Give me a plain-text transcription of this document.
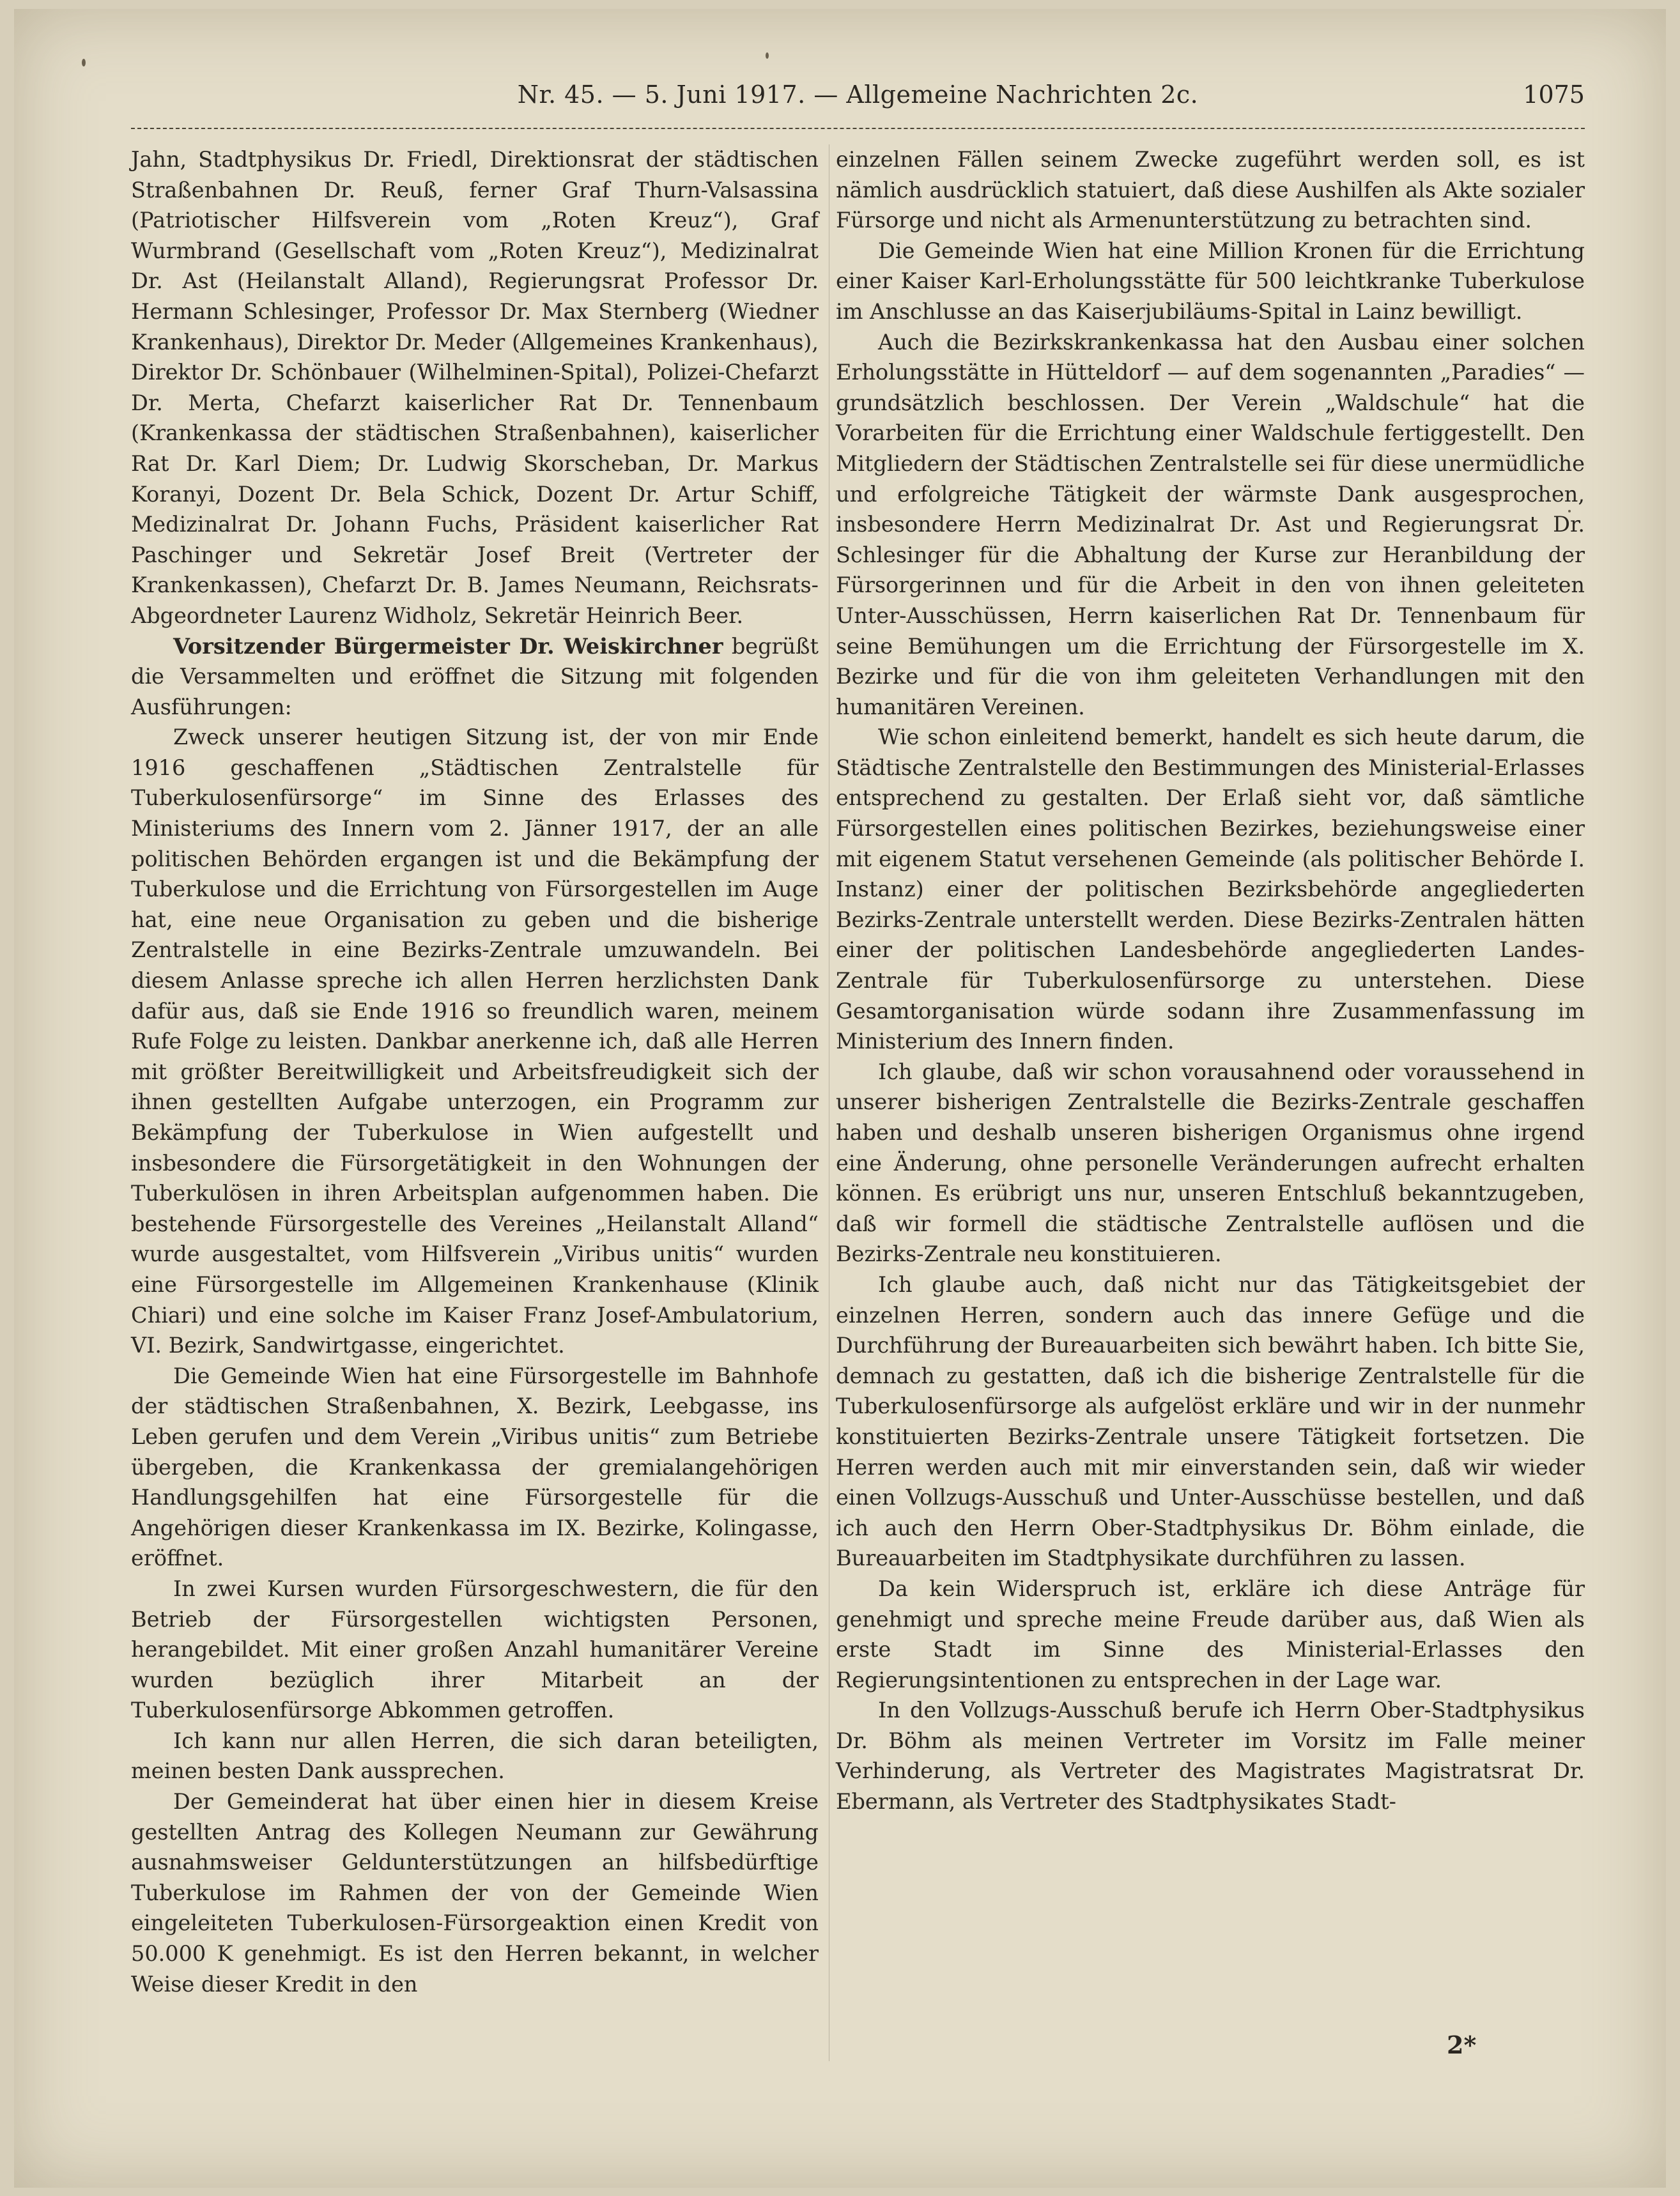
Nr. 45. — 5. Juni 1917. — Allgemeine Nachrichten 2c.	1075

Jahn, Stadtphysikus Dr. Friedl, Direktionsrat der städtischen Straßenbahnen Dr. Reuß, ferner Graf Thurn-Valsassina (Patriotischer Hilfsverein vom „Roten Kreuz“), Graf Wurmbrand (Gesellschaft vom „Roten Kreuz“), Medizinalrat Dr. Ast (Heilanstalt Alland), Regierungsrat Professor Dr. Hermann Schlesinger, Professor Dr. Max Sternberg (Wiedner Krankenhaus), Direktor Dr. Meder (Allgemeines Krankenhaus), Direktor Dr. Schönbauer (Wilhelminen-Spital), Polizei-Chefarzt Dr. Merta, Chefarzt kaiserlicher Rat Dr. Tennenbaum (Krankenkassa der städtischen Straßenbahnen), kaiserlicher Rat Dr. Karl Diem; Dr. Ludwig Skorscheban, Dr. Markus Koranyi, Dozent Dr. Bela Schick, Dozent Dr. Artur Schiff, Medizinalrat Dr. Johann Fuchs, Präsident kaiserlicher Rat Paschinger und Sekretär Josef Breit (Vertreter der Krankenkassen), Chefarzt Dr. B. James Neumann, Reichsrats-Abgeordneter Laurenz Widholz, Sekretär Heinrich Beer.

Vorsitzender Bürgermeister Dr. Weiskirchner begrüßt die Versammelten und eröffnet die Sitzung mit folgenden Ausführungen:

Zweck unserer heutigen Sitzung ist, der von mir Ende 1916 geschaffenen „Städtischen Zentralstelle für Tuberkulosenfürsorge“ im Sinne des Erlasses des Ministeriums des Innern vom 2. Jänner 1917, der an alle politischen Behörden ergangen ist und die Bekämpfung der Tuberkulose und die Errichtung von Fürsorgestellen im Auge hat, eine neue Organisation zu geben und die bisherige Zentralstelle in eine Bezirks-Zentrale umzuwandeln. Bei diesem Anlasse spreche ich allen Herren herzlichsten Dank dafür aus, daß sie Ende 1916 so freundlich waren, meinem Rufe Folge zu leisten. Dankbar anerkenne ich, daß alle Herren mit größter Bereitwilligkeit und Arbeitsfreudigkeit sich der ihnen gestellten Aufgabe unterzogen, ein Programm zur Bekämpfung der Tuberkulose in Wien aufgestellt und insbesondere die Fürsorgetätigkeit in den Wohnungen der Tuberkulösen in ihren Arbeitsplan aufgenommen haben. Die bestehende Fürsorgestelle des Vereines „Heilanstalt Alland“ wurde ausgestaltet, vom Hilfsverein „Viribus unitis“ wurden eine Fürsorgestelle im Allgemeinen Krankenhause (Klinik Chiari) und eine solche im Kaiser Franz Josef-Ambulatorium, VI. Bezirk, Sandwirtgasse, eingerichtet.

Die Gemeinde Wien hat eine Fürsorgestelle im Bahnhofe der städtischen Straßenbahnen, X. Bezirk, Leebgasse, ins Leben gerufen und dem Verein „Viribus unitis“ zum Betriebe übergeben, die Krankenkassa der gremialangehörigen Handlungsgehilfen hat eine Fürsorgestelle für die Angehörigen dieser Krankenkassa im IX. Bezirke, Kolingasse, eröffnet.

In zwei Kursen wurden Fürsorgeschwestern, die für den Betrieb der Fürsorgestellen wichtigsten Personen, herangebildet. Mit einer großen Anzahl humanitärer Vereine wurden bezüglich ihrer Mitarbeit an der Tuberkulosenfürsorge Abkommen getroffen.

Ich kann nur allen Herren, die sich daran beteiligten, meinen besten Dank aussprechen.

Der Gemeinderat hat über einen hier in diesem Kreise gestellten Antrag des Kollegen Neumann zur Gewährung ausnahmsweiser Geldunterstützungen an hilfsbedürftige Tuberkulose im Rahmen der von der Gemeinde Wien eingeleiteten Tuberkulosen-Fürsorgeaktion einen Kredit von 50.000 K genehmigt. Es ist den Herren bekannt, in welcher Weise dieser Kredit in den

einzelnen Fällen seinem Zwecke zugeführt werden soll, es ist nämlich ausdrücklich statuiert, daß diese Aushilfen als Akte sozialer Fürsorge und nicht als Armenunterstützung zu betrachten sind.

Die Gemeinde Wien hat eine Million Kronen für die Errichtung einer Kaiser Karl-Erholungsstätte für 500 leichtkranke Tuberkulose im Anschlusse an das Kaiserjubiläums-Spital in Lainz bewilligt.

Auch die Bezirkskrankenkassa hat den Ausbau einer solchen Erholungsstätte in Hütteldorf — auf dem sogenannten „Paradies“ — grundsätzlich beschlossen. Der Verein „Waldschule“ hat die Vorarbeiten für die Errichtung einer Waldschule fertiggestellt. Den Mitgliedern der Städtischen Zentralstelle sei für diese unermüdliche und erfolgreiche Tätigkeit der wärmste Dank ausgesprochen, insbesondere Herrn Medizinalrat Dr. Ast und Regierungsrat Dr. Schlesinger für die Abhaltung der Kurse zur Heranbildung der Fürsorgerinnen und für die Arbeit in den von ihnen geleiteten Unter-Ausschüssen, Herrn kaiserlichen Rat Dr. Tennenbaum für seine Bemühungen um die Errichtung der Fürsorgestelle im X. Bezirke und für die von ihm geleiteten Verhandlungen mit den humanitären Vereinen.

Wie schon einleitend bemerkt, handelt es sich heute darum, die Städtische Zentralstelle den Bestimmungen des Ministerial-Erlasses entsprechend zu gestalten. Der Erlaß sieht vor, daß sämtliche Fürsorgestellen eines politischen Bezirkes, beziehungsweise einer mit eigenem Statut versehenen Gemeinde (als politischer Behörde I. Instanz) einer der politischen Bezirksbehörde angegliederten Bezirks-Zentrale unterstellt werden. Diese Bezirks-Zentralen hätten einer der politischen Landesbehörde angegliederten Landes-Zentrale für Tuberkulosenfürsorge zu unterstehen. Diese Gesamtorganisation würde sodann ihre Zusammenfassung im Ministerium des Innern finden.

Ich glaube, daß wir schon vorausahnend oder voraussehend in unserer bisherigen Zentralstelle die Bezirks-Zentrale geschaffen haben und deshalb unseren bisherigen Organismus ohne irgend eine Änderung, ohne personelle Veränderungen aufrecht erhalten können. Es erübrigt uns nur, unseren Entschluß bekanntzugeben, daß wir formell die städtische Zentralstelle auflösen und die Bezirks-Zentrale neu konstituieren.

Ich glaube auch, daß nicht nur das Tätigkeitsgebiet der einzelnen Herren, sondern auch das innere Gefüge und die Durchführung der Bureauarbeiten sich bewährt haben. Ich bitte Sie, demnach zu gestatten, daß ich die bisherige Zentralstelle für die Tuberkulosenfürsorge als aufgelöst erkläre und wir in der nunmehr konstituierten Bezirks-Zentrale unsere Tätigkeit fortsetzen. Die Herren werden auch mit mir einverstanden sein, daß wir wieder einen Vollzugs-Ausschuß und Unter-Ausschüsse bestellen, und daß ich auch den Herrn Ober-Stadtphysikus Dr. Böhm einlade, die Bureauarbeiten im Stadtphysikate durchführen zu lassen.

Da kein Widerspruch ist, erkläre ich diese Anträge für genehmigt und spreche meine Freude darüber aus, daß Wien als erste Stadt im Sinne des Ministerial-Erlasses den Regierungsintentionen zu entsprechen in der Lage war.

In den Vollzugs-Ausschuß berufe ich Herrn Ober-Stadtphysikus Dr. Böhm als meinen Vertreter im Vorsitz im Falle meiner Verhinderung, als Vertreter des Magistrates Magistratsrat Dr. Ebermann, als Vertreter des Stadtphysikates Stadt-

2*
